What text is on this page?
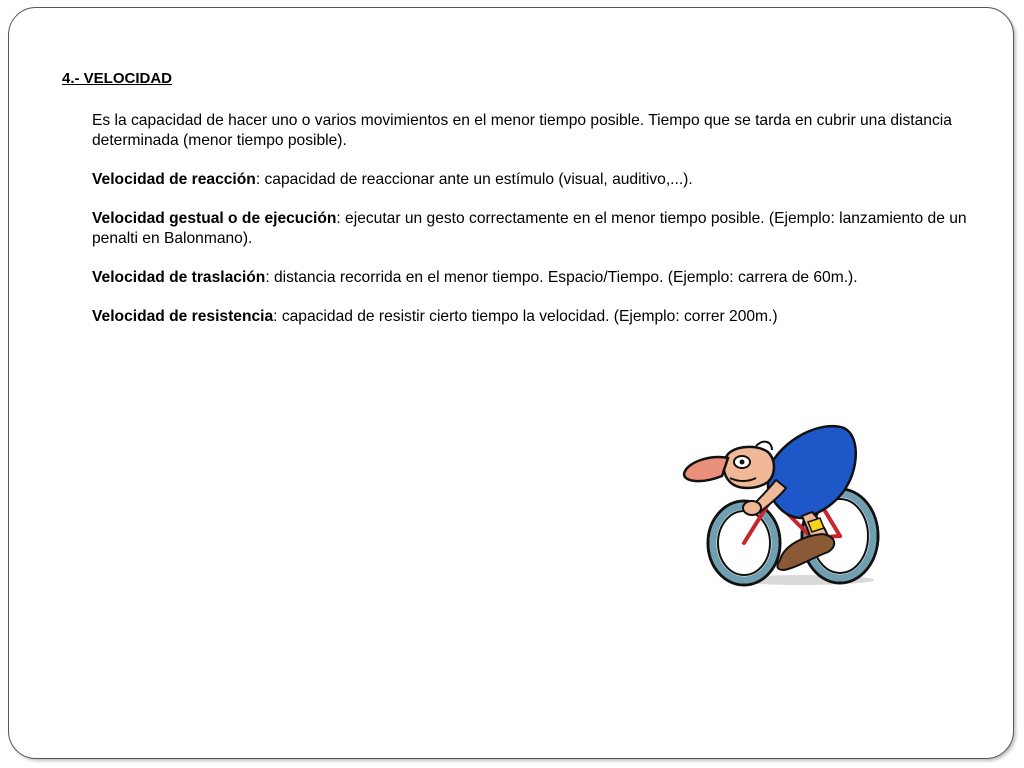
4.- VELOCIDAD

Es la capacidad de hacer uno o varios movimientos en el menor tiempo posible. Tiempo que se tarda en cubrir una distancia determinada (menor tiempo posible).

Velocidad de reacción: capacidad de reaccionar ante un estímulo (visual, auditivo,...).

Velocidad gestual o de ejecución: ejecutar un gesto correctamente en el menor tiempo posible. (Ejemplo: lanzamiento de un penalti en Balonmano).

Velocidad de traslación: distancia recorrida en el menor tiempo. Espacio/Tiempo. (Ejemplo: carrera de 60m.).

Velocidad de resistencia: capacidad de resistir cierto tiempo la velocidad. (Ejemplo: correr 200m.)
